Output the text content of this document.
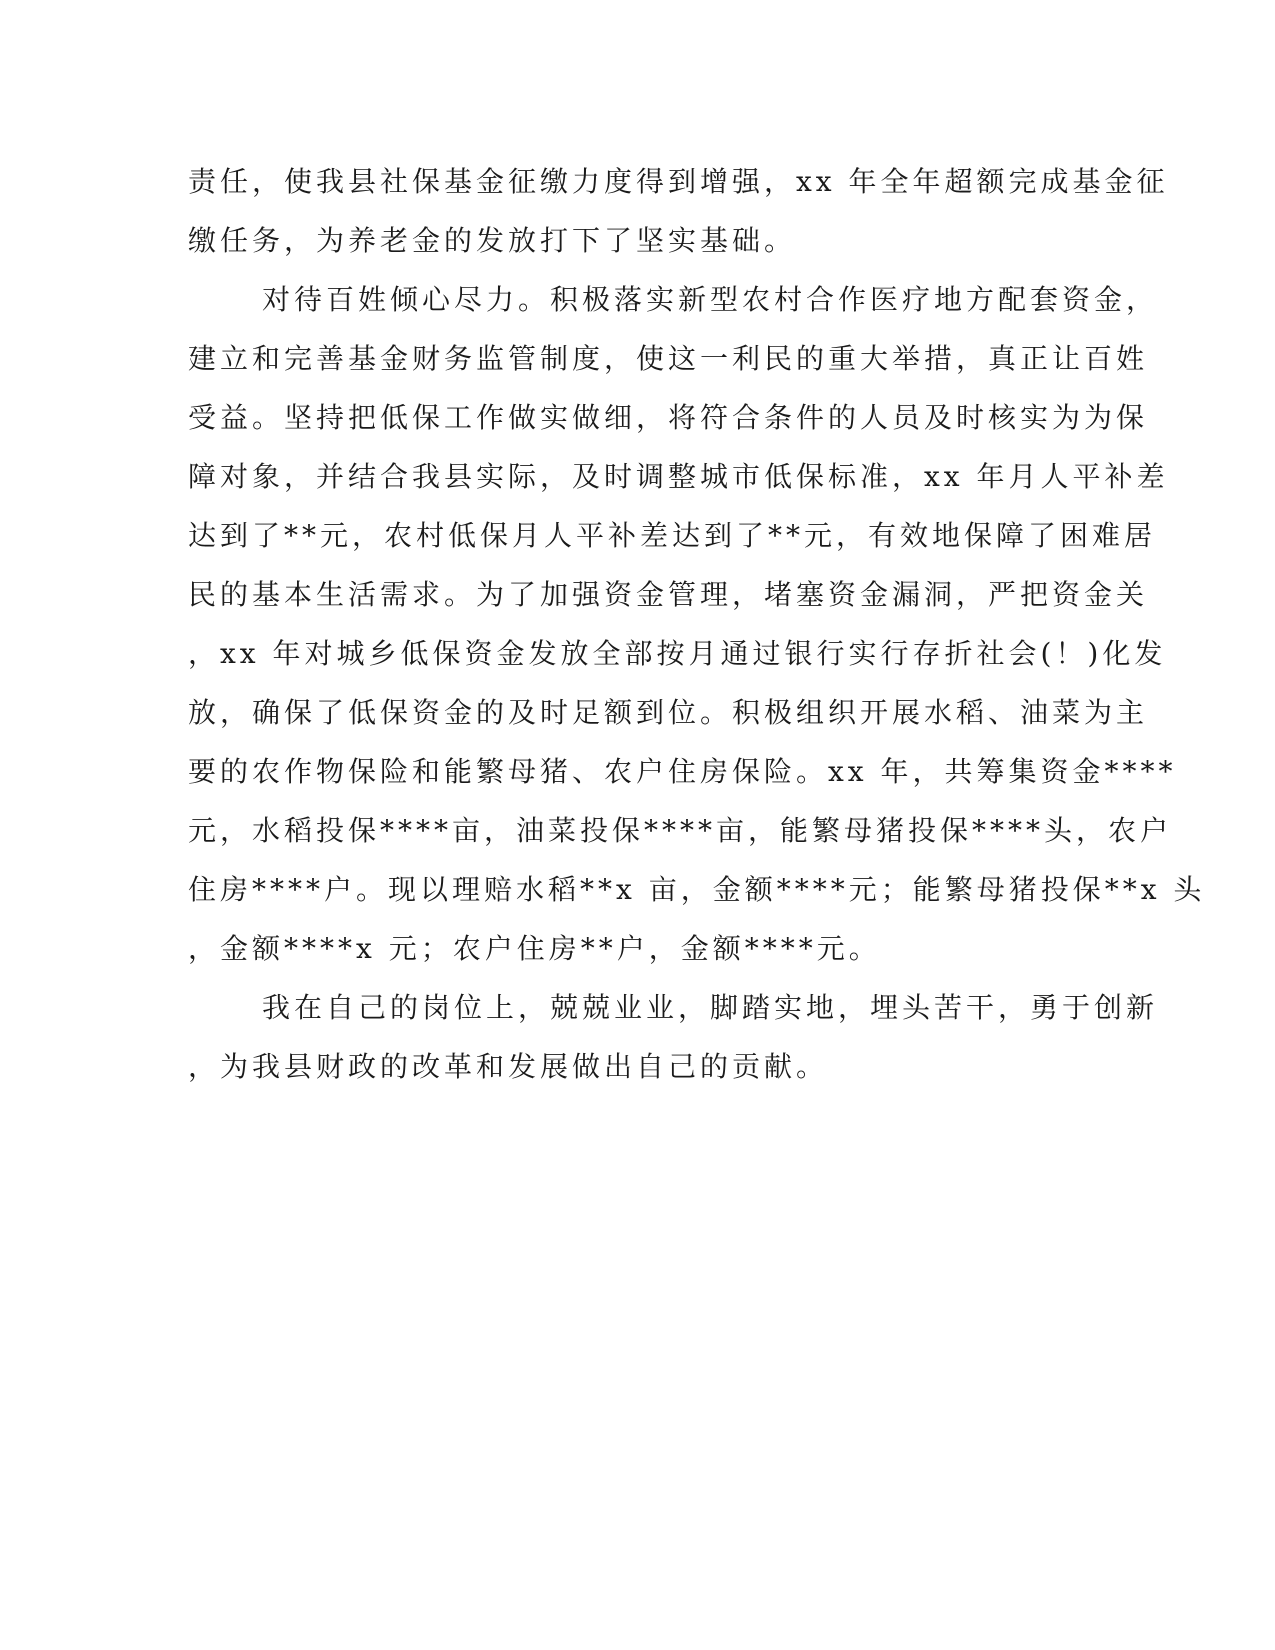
责任，使我县社保基金征缴力度得到增强，xx 年全年超额完成基金征
缴任务，为养老金的发放打下了坚实基础。
对待百姓倾心尽力。积极落实新型农村合作医疗地方配套资金，
建立和完善基金财务监管制度，使这一利民的重大举措，真正让百姓
受益。坚持把低保工作做实做细，将符合条件的人员及时核实为为保
障对象，并结合我县实际，及时调整城市低保标准，xx 年月人平补差
达到了**元，农村低保月人平补差达到了**元，有效地保障了困难居
民的基本生活需求。为了加强资金管理，堵塞资金漏洞，严把资金关
，xx 年对城乡低保资金发放全部按月通过银行实行存折社会(！)化发
放，确保了低保资金的及时足额到位。积极组织开展水稻、油菜为主
要的农作物保险和能繁母猪、农户住房保险。xx 年，共筹集资金****
元，水稻投保****亩，油菜投保****亩，能繁母猪投保****头，农户
住房****户。现以理赔水稻**x 亩，金额****元；能繁母猪投保**x 头
，金额****x 元；农户住房**户，金额****元。
我在自己的岗位上，兢兢业业，脚踏实地，埋头苦干，勇于创新
，为我县财政的改革和发展做出自己的贡献。
